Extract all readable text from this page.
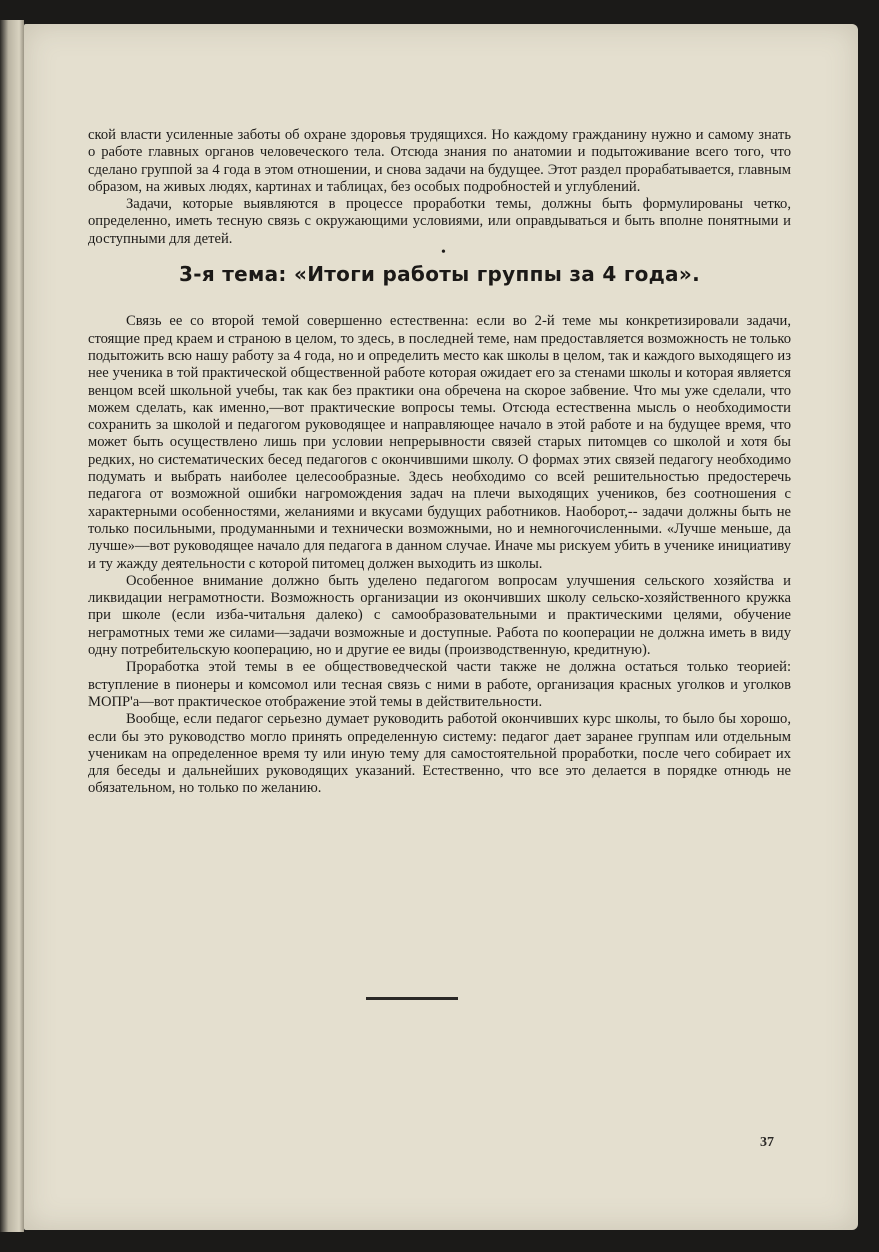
ской власти усиленные заботы об охране здоровья трудящихся. Но каждому гражданину нужно и самому знать о работе главных органов человеческого тела. Отсюда знания по анатомии и подытоживание всего того, что сделано группой за 4 года в этом отношении, и снова задачи на будущее. Этот раздел прорабатывается, главным образом, на живых людях, картинах и таблицах, без особых подробностей и углублений.

Задачи, которые выявляются в процессе проработки темы, должны быть формулированы четко, определенно, иметь тесную связь с окружающими условиями, или оправдываться и быть вполне понятными и доступными для детей.

•
3-я тема: «Итоги работы группы за 4 года».

Связь ее со второй темой совершенно естественна: если во 2-й теме мы конкретизировали задачи, стоящие пред краем и страною в целом, то здесь, в последней теме, нам предоставляется возможность не только подытожить всю нашу работу за 4 года, но и определить место как школы в целом, так и каждого выходящего из нее ученика в той практической общественной работе которая ожидает его за стенами школы и которая является венцом всей школьной учебы, так как без практики она обречена на скорое забвение. Что мы уже сделали, что можем сделать, как именно,—вот практические вопросы темы. Отсюда естественна мысль о необходимости сохранить за школой и педагогом руководящее и направляющее начало в этой работе и на будущее время, что может быть осуществлено лишь при условии непрерывности связей старых питомцев со школой и хотя бы редких, но систематических бесед педагогов с окончившими школу. О формах этих связей педагогу необходимо подумать и выбрать наиболее целесообразные. Здесь необходимо со всей решительностью предостеречь педагога от возможной ошибки нагромождения задач на плечи выходящих учеников, без соотношения с характерными особенностями, желаниями и вкусами будущих работников. Наоборот,-- задачи должны быть не только посильными, продуманными и технически возможными, но и немногочисленными. «Лучше меньше, да лучше»—вот руководящее начало для педагога в данном случае. Иначе мы рискуем убить в ученике инициативу и ту жажду деятельности с которой питомец должен выходить из школы.

Особенное внимание должно быть уделено педагогом вопросам улучшения сельского хозяйства и ликвидации неграмотности. Возможность организации из окончивших школу сельско-хозяйственного кружка при школе (если изба-читальня далеко) с самообразовательными и практическими целями, обучение неграмотных теми же силами—задачи возможные и доступные. Работа по кооперации не должна иметь в виду одну потребительскую кооперацию, но и другие ее виды (производственную, кредитную).

Проработка этой темы в ее обществоведческой части также не должна остаться только теорией: вступление в пионеры и комсомол или тесная связь с ними в работе, организация красных уголков и уголков МОПР'а—вот практическое отображение этой темы в действительности.

Вообще, если педагог серьезно думает руководить работой окончивших курс школы, то было бы хорошо, если бы это руководство могло принять определенную систему: педагог дает заранее группам или отдельным ученикам на определенное время ту или иную тему для самостоятельной проработки, после чего собирает их для беседы и дальнейших руководящих указаний. Естественно, что все это делается в порядке отнюдь не обязательном, но только по желанию.

37
